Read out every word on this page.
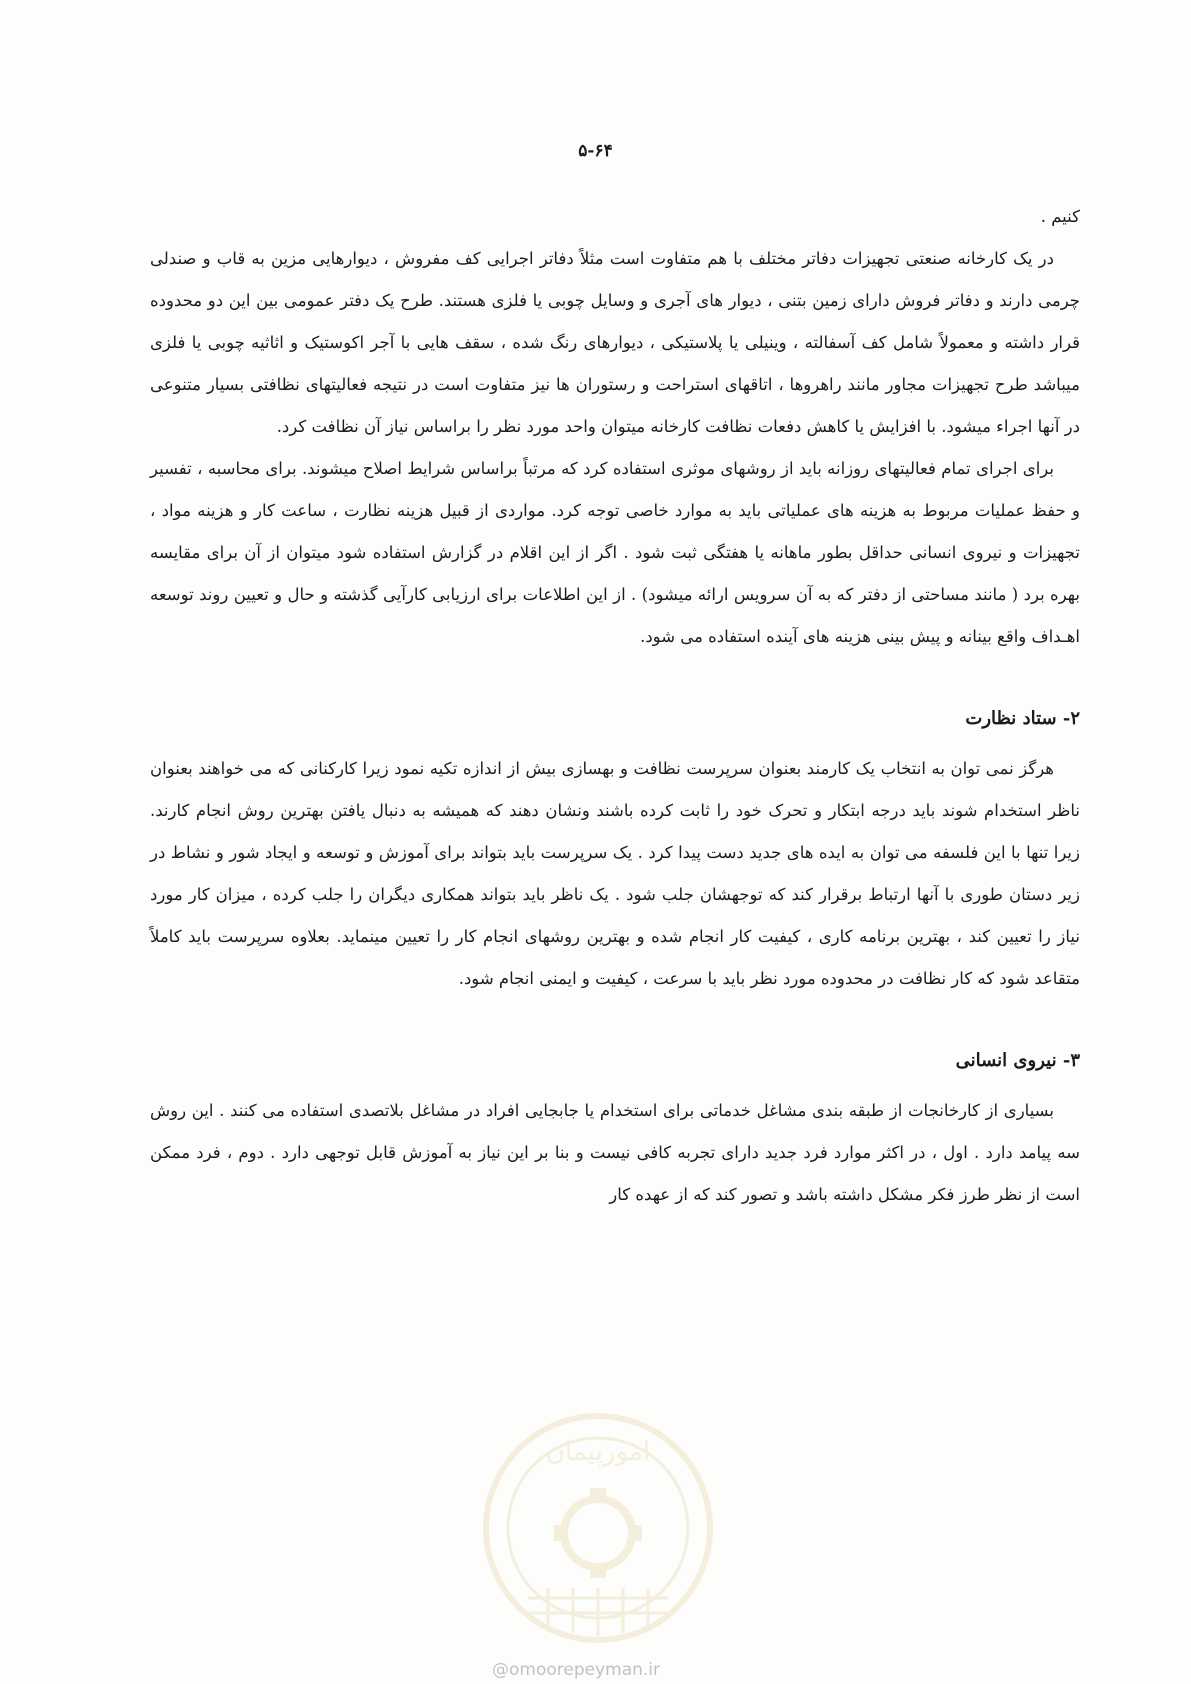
۵-۶۴

کنیم .

در یک کارخانه صنعتی تجهیزات دفاتر مختلف با هم متفاوت است مثلاً دفاتر اجرایی کف مفروش ، دیوارهایی مزین به قاب و صندلی چرمی دارند و دفاتر فروش دارای زمین بتنی ، دیوار های آجری و وسایل چوبی یا فلزی هستند. طرح یک دفتر عمومی بین این دو محدوده قرار داشته و معمولاً شامل کف آسفالته ، وینیلی یا پلاستیکی ، دیوارهای رنگ شده ، سقف هایی با آجر اکوستیک و اثاثیه چوبی یا فلزی میباشد طرح تجهیزات مجاور مانند راهروها ، اتاقهای استراحت و رستوران ها نیز متفاوت است در نتیجه فعالیتهای نظافتی بسیار متنوعی در آنها اجراء میشود. با افزایش یا کاهش دفعات نظافت کارخانه میتوان واحد مورد نظر را براساس نیاز آن نظافت کرد.

برای اجرای تمام فعالیتهای روزانه باید از روشهای موثری استفاده کرد که مرتباً براساس شرایط اصلاح میشوند. برای محاسبه ، تفسیر و حفظ عملیات مربوط به هزینه های عملیاتی باید به موارد خاصی توجه کرد. مواردی از قبیل هزینه نظارت ، ساعت کار و هزینه مواد ، تجهیزات و نیروی انسانی حداقل بطور ماهانه یا هفتگی ثبت شود . اگر از این اقلام در گزارش استفاده شود میتوان از آن برای مقایسه بهره برد ( مانند مساحتی از دفتر که به آن سرویس ارائه میشود) . از این اطلاعات برای ارزیابی کارآیی گذشته و حال و تعیین روند توسعه اهـداف واقع بینانه و پیش بینی هزینه های آینده استفاده می شود.

۲- ستاد نظارت

هرگز نمی توان به انتخاب یک کارمند بعنوان سرپرست نظافت و بهسازی بیش از اندازه تکیه نمود زیرا کارکنانی که می خواهند بعنوان ناظر استخدام شوند باید درجه ابتکار و تحرک خود را ثابت کرده باشند ونشان دهند که همیشه به دنبال یافتن بهترین روش انجام کارند. زیرا تنها با این فلسفه می توان به ایده های جدید دست پیدا کرد . یک سرپرست باید بتواند برای آموزش و توسعه و ایجاد شور و نشاط در زیر دستان طوری با آنها ارتباط برقرار کند که توجهشان جلب شود . یک ناظر باید بتواند همکاری دیگران را جلب کرده ، میزان کار مورد نیاز را تعیین کند ، بهترین برنامه کاری ، کیفیت کار انجام شده و بهترین روشهای انجام کار را تعیین مینماید. بعلاوه سرپرست باید کاملاً متقاعد شود که کار نظافت در محدوده مورد نظر باید با سرعت ، کیفیت و ایمنی انجام شود.

۳- نیروی انسانی

بسیاری از کارخانجات از طبقه بندی مشاغل خدماتی برای استخدام یا جابجایی افراد در مشاغل بلاتصدی استفاده می کنند . این روش سه پیامد دارد . اول ، در اکثر موارد فرد جدید دارای تجربه کافی نیست و بنا بر این نیاز به آموزش قابل توجهی دارد . دوم ، فرد ممکن است از نظر طرز فکر مشکل داشته باشد و تصور کند که از عهده کار

امورپیمان
@omoorepeyman.ir
